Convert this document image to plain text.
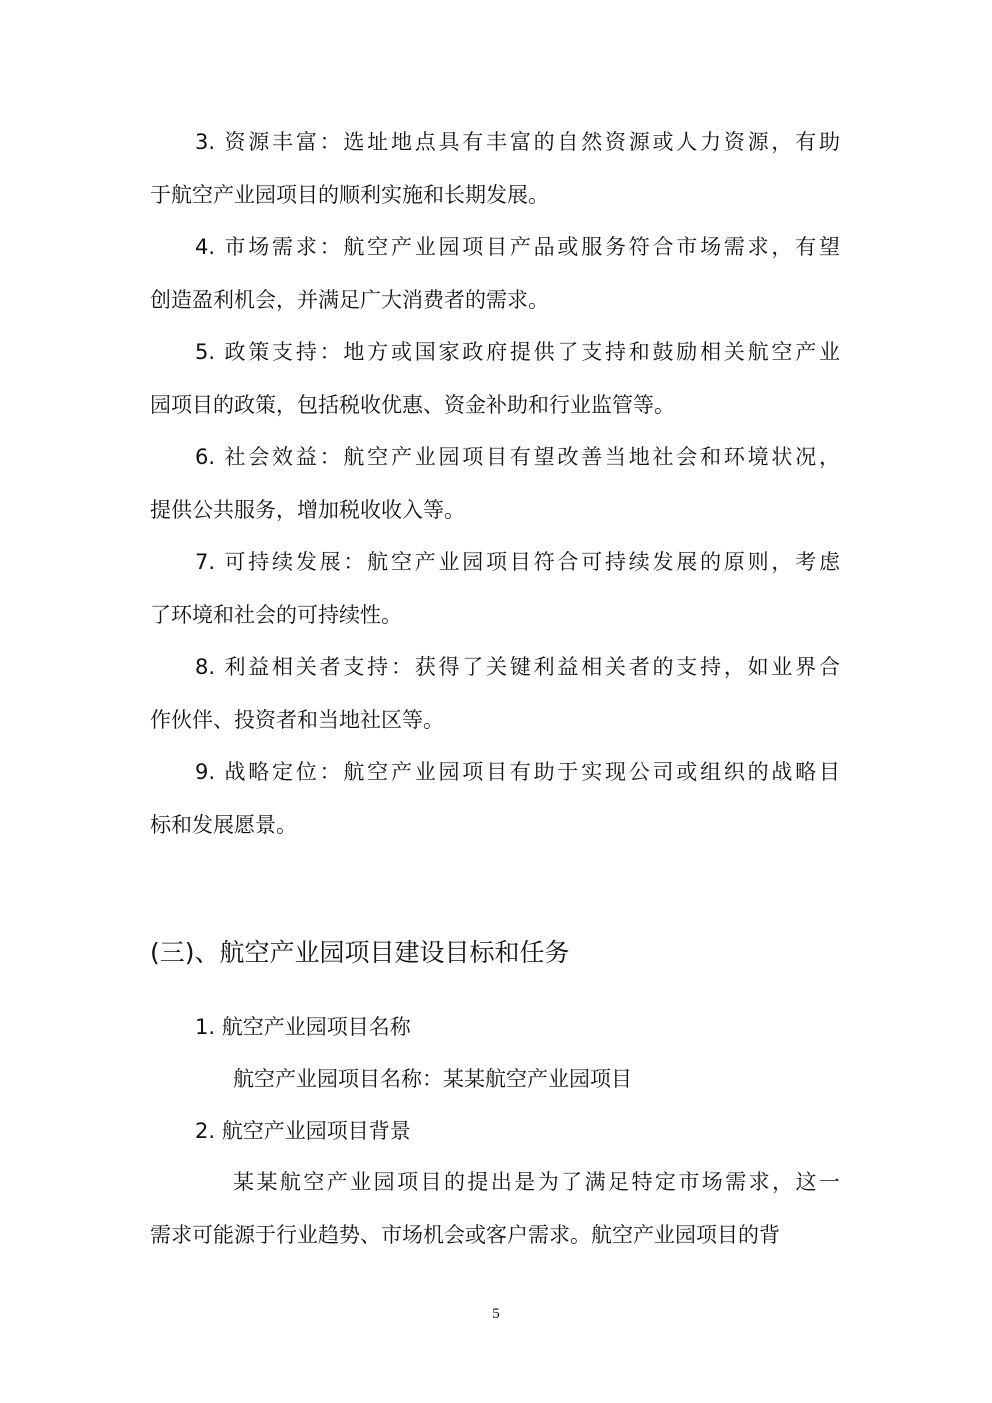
3. 资源丰富：选址地点具有丰富的自然资源或人力资源，有助
于航空产业园项目的顺利实施和长期发展。
4. 市场需求：航空产业园项目产品或服务符合市场需求，有望
创造盈利机会，并满足广大消费者的需求。
5. 政策支持：地方或国家政府提供了支持和鼓励相关航空产业
园项目的政策，包括税收优惠、资金补助和行业监管等。
6. 社会效益：航空产业园项目有望改善当地社会和环境状况，
提供公共服务，增加税收收入等。
7. 可持续发展：航空产业园项目符合可持续发展的原则，考虑
了环境和社会的可持续性。
8. 利益相关者支持：获得了关键利益相关者的支持，如业界合
作伙伴、投资者和当地社区等。
9. 战略定位：航空产业园项目有助于实现公司或组织的战略目
标和发展愿景。
(三)、航空产业园项目建设目标和任务
1. 航空产业园项目名称
航空产业园项目名称：某某航空产业园项目
2. 航空产业园项目背景
某某航空产业园项目的提出是为了满足特定市场需求，这一
需求可能源于行业趋势、市场机会或客户需求。航空产业园项目的背
5
